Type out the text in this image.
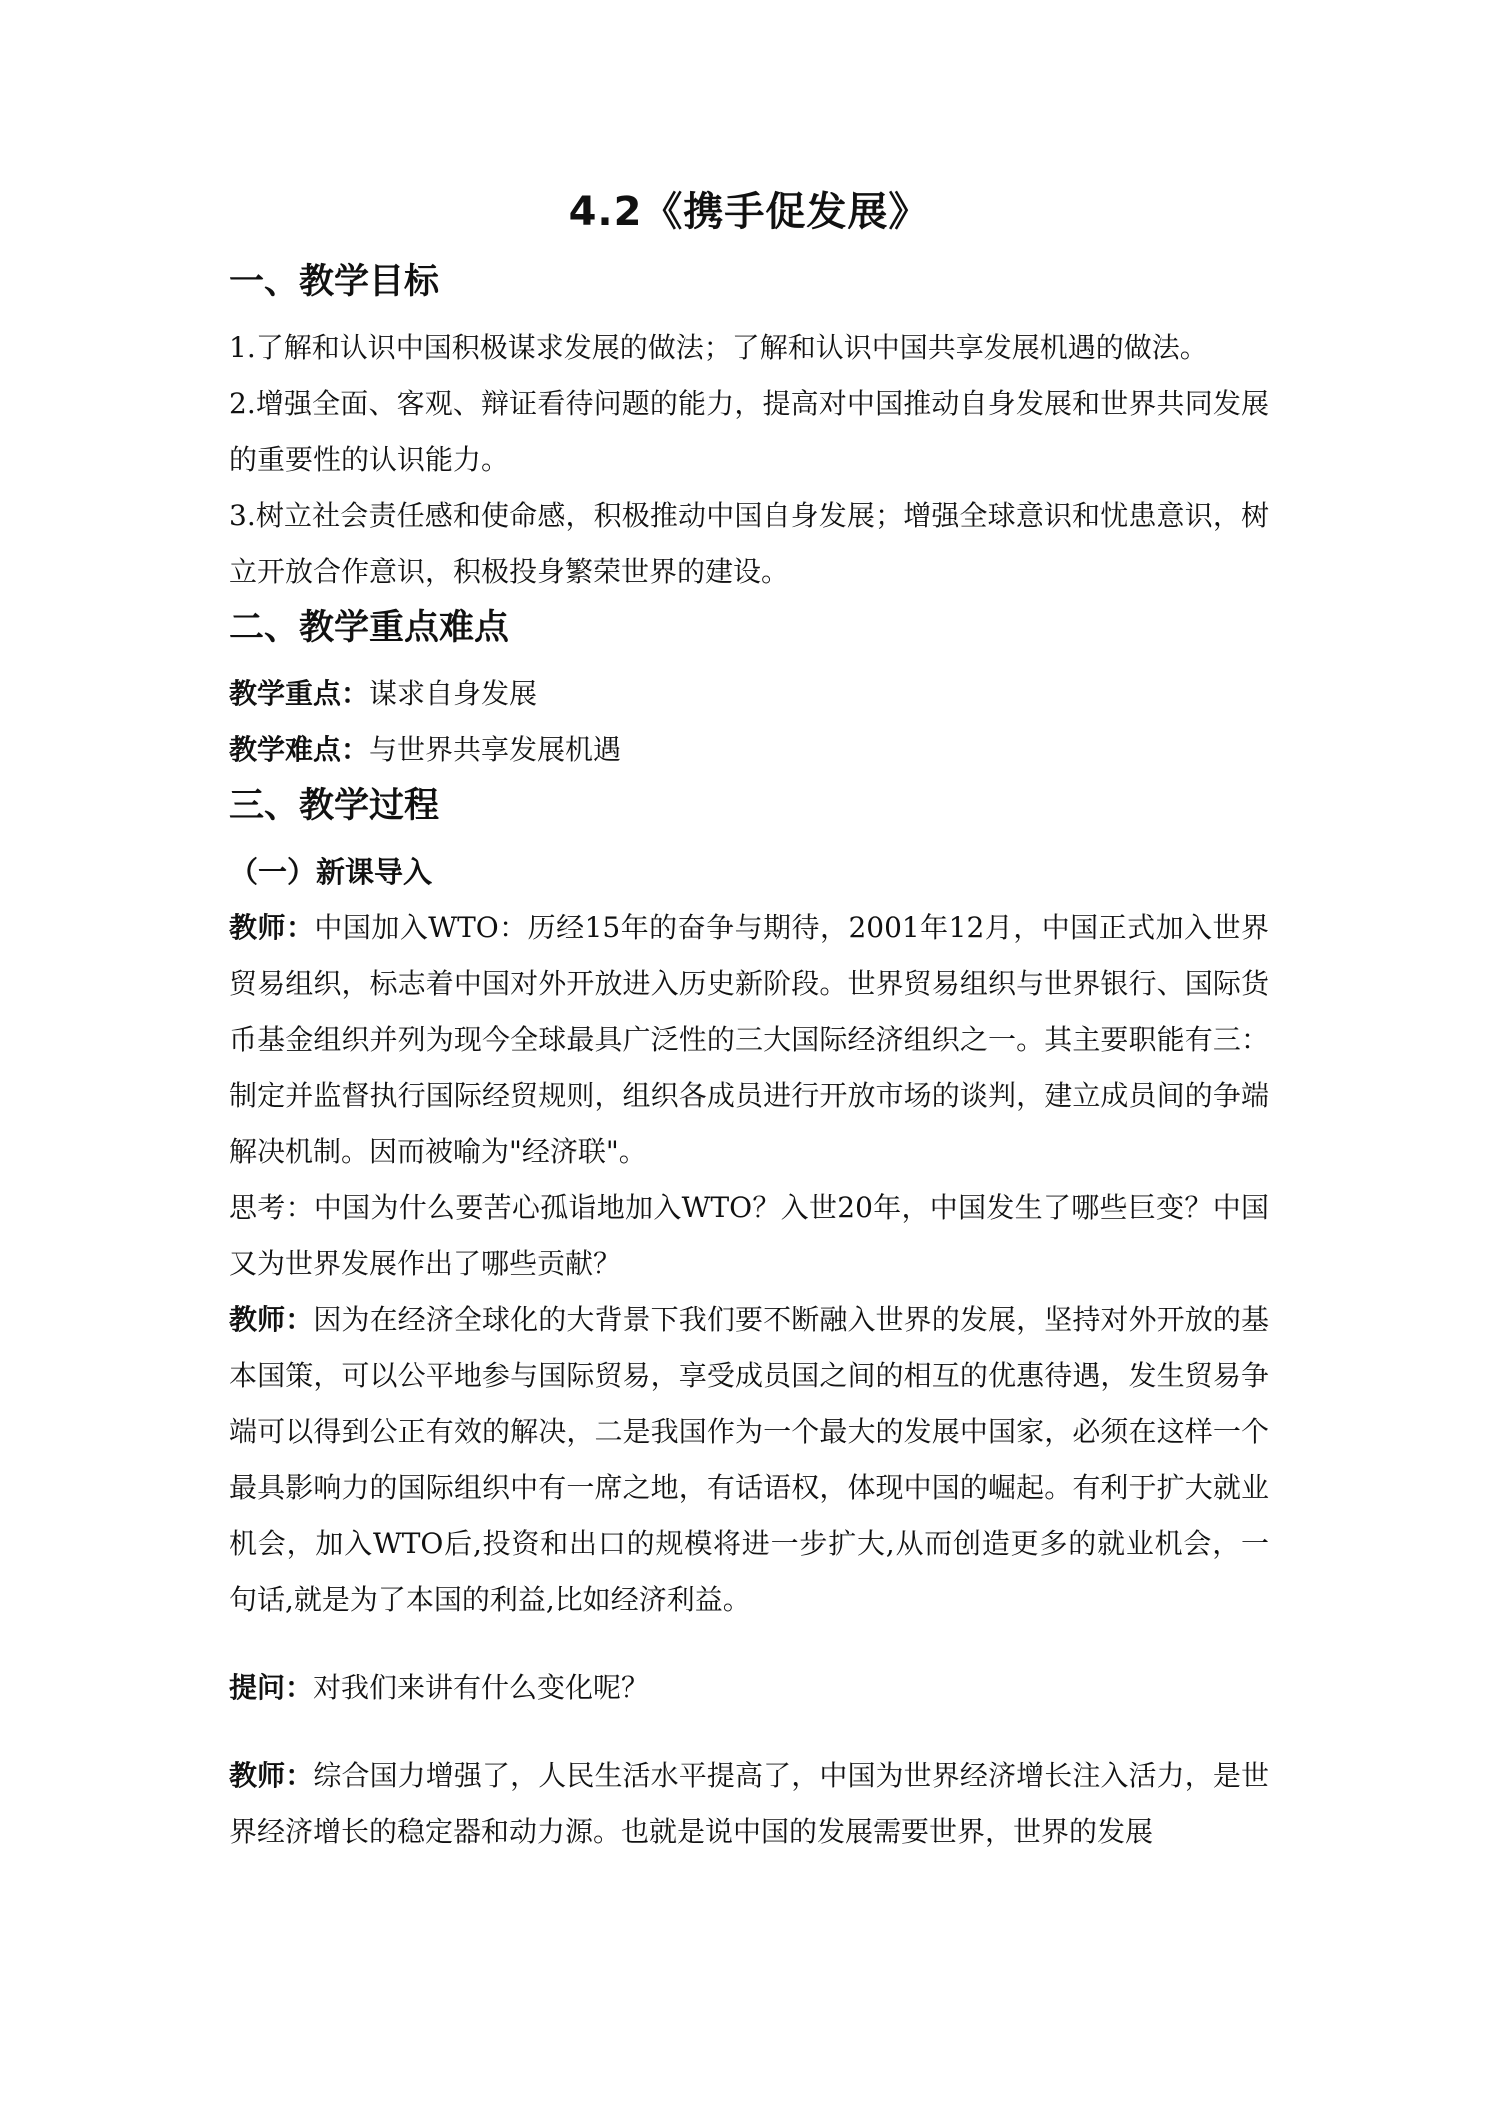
4.2《携手促发展》
一、教学目标

1.了解和认识中国积极谋求发展的做法；了解和认识中国共享发展机遇的做法。

2.增强全面、客观、辩证看待问题的能力，提高对中国推动自身发展和世界共同发展的重要性的认识能力。

3.树立社会责任感和使命感，积极推动中国自身发展；增强全球意识和忧患意识，树立开放合作意识，积极投身繁荣世界的建设。

二、教学重点难点

教学重点：谋求自身发展

教学难点：与世界共享发展机遇

三、教学过程
（一）新课导入

教师：中国加入WTO：历经15年的奋争与期待，2001年12月，中国正式加入世界贸易组织，标志着中国对外开放进入历史新阶段。世界贸易组织与世界银行、国际货币基金组织并列为现今全球最具广泛性的三大国际经济组织之一。其主要职能有三：制定并监督执行国际经贸规则，组织各成员进行开放市场的谈判，建立成员间的争端解决机制。因而被喻为"经济联"。

思考：中国为什么要苦心孤诣地加入WTO？入世20年，中国发生了哪些巨变？中国又为世界发展作出了哪些贡献？

教师：因为在经济全球化的大背景下我们要不断融入世界的发展，坚持对外开放的基本国策，可以公平地参与国际贸易，享受成员国之间的相互的优惠待遇，发生贸易争端可以得到公正有效的解决，二是我国作为一个最大的发展中国家，必须在这样一个最具影响力的国际组织中有一席之地，有话语权，体现中国的崛起。有利于扩大就业机会，加入WTO后,投资和出口的规模将进一步扩大,从而创造更多的就业机会，一句话,就是为了本国的利益,比如经济利益。

提问：对我们来讲有什么变化呢？

教师：综合国力增强了，人民生活水平提高了，中国为世界经济增长注入活力，是世界经济增长的稳定器和动力源。也就是说中国的发展需要世界，世界的发展
